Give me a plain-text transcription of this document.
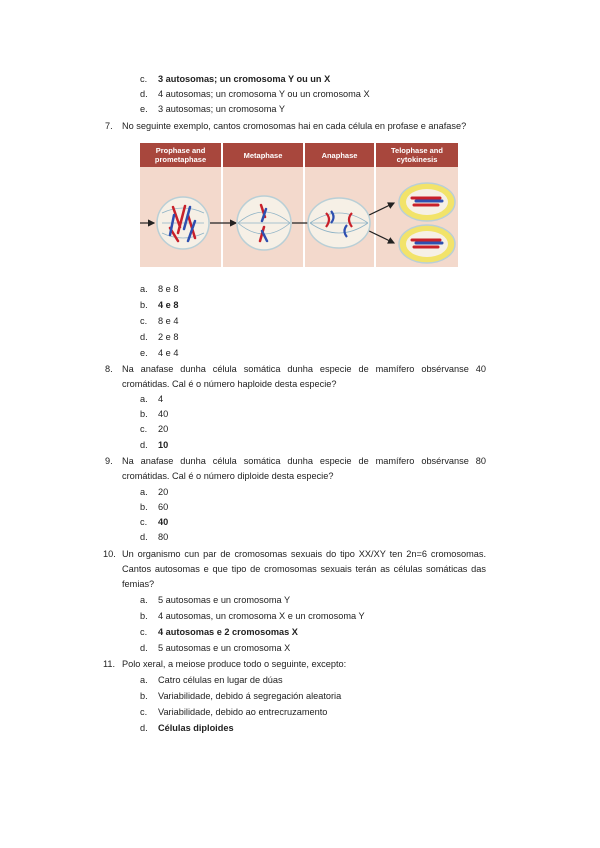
c. 3 autosomas; un cromosoma Y ou un X
d. 4 autosomas; un cromosoma Y ou un cromosoma X
e. 3 autosomas; un cromosoma Y
7. No seguinte exemplo, cantos cromosomas hai en cada célula en profase e anafase?
Prophase and prometaphase	Metaphase	Anaphase	Telophase and cytokinesis
a. 8 e 8
b. 4 e 8
c. 8 e 4
d. 2 e 8
e. 4 e 4
8. Na anafase dunha célula somática dunha especie de mamífero obsérvanse 40
cromátidas. Cal é o número haploide desta especie?
a. 4
b. 40
c. 20
d. 10
9. Na anafase dunha célula somática dunha especie de mamífero obsérvanse 80
cromátidas. Cal é o número diploide desta especie?
a. 20
b. 60
c. 40
d. 80
10. Un organismo cun par de cromosomas sexuais do tipo XX/XY ten 2n=6 cromosomas.
Cantos autosomas e que tipo de cromosomas sexuais terán as células somáticas das
femias?
a. 5 autosomas e un cromosoma Y
b. 4 autosomas, un cromosoma X e un cromosoma Y
c. 4 autosomas e 2 cromosomas X
d. 5 autosomas e un cromosoma X
11. Polo xeral, a meiose produce todo o seguinte, excepto:
a. Catro células en lugar de dúas
b. Variabilidade, debido á segregación aleatoria
c. Variabilidade, debido ao entrecruzamento
d. Células diploides
